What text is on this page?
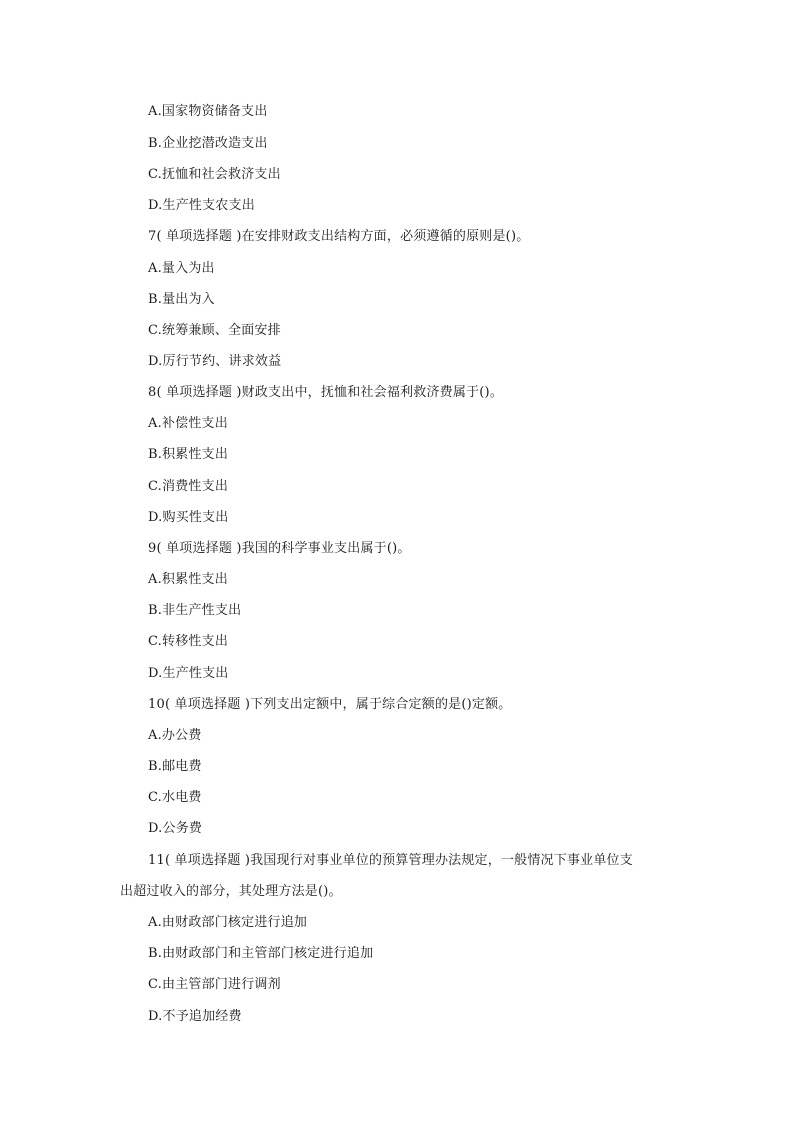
A.国家物资储备支出
B.企业挖潜改造支出
C.抚恤和社会救济支出
D.生产性支农支出
7( 单项选择题 )在安排财政支出结构方面，必须遵循的原则是()。
A.量入为出
B.量出为入
C.统筹兼顾、全面安排
D.厉行节约、讲求效益
8( 单项选择题 )财政支出中，抚恤和社会福利救济费属于()。
A.补偿性支出
B.积累性支出
C.消费性支出
D.购买性支出
9( 单项选择题 )我国的科学事业支出属于()。
A.积累性支出
B.非生产性支出
C.转移性支出
D.生产性支出
10( 单项选择题 )下列支出定额中，属于综合定额的是()定额。
A.办公费
B.邮电费
C.水电费
D.公务费
11( 单项选择题 )我国现行对事业单位的预算管理办法规定，一般情况下事业单位支
出超过收入的部分，其处理方法是()。
A.由财政部门核定进行追加
B.由财政部门和主管部门核定进行追加
C.由主管部门进行调剂
D.不予追加经费
